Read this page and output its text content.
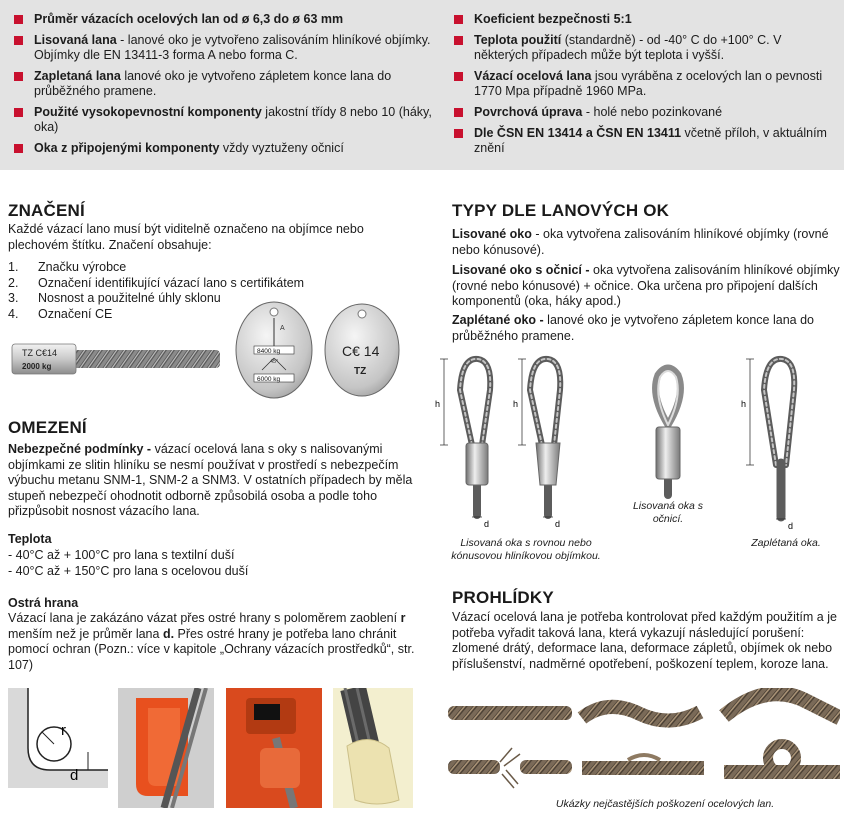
Průměr vázacích ocelových lan od ø 6,3 do ø 63 mm
Lisovaná lana - lanové oko je vytvořeno zalisováním hliníkové objímky. Objímky dle EN 13411-3 forma A nebo forma C.
Zapletaná lana lanové oko je vytvořeno zápletem konce lana do průběžného pramene.
Použité vysokopevnostní komponenty jakostní třídy 8 nebo 10 (háky, oka)
Oka z připojenými komponenty vždy vyztuženy očnicí
Koeficient bezpečnosti 5:1
Teplota použití (standardně) - od -40° C do +100° C. V některých případech může být teplota i vyšší.
Vázací ocelová lana jsou vyráběna z ocelových lan o pevnosti 1770 Mpa případně 1960 MPa.
Povrchová úprava - holé nebo pozinkované
Dle ČSN EN 13414 a ČSN EN 13411 včetně příloh, v aktuálním znění
ZNAČENÍ
Každé vázací lano musí být viditelně označeno na objímce nebo plechovém štítku. Značení obsahuje:
1.	Značku výrobce
2.	Označení identifikující vázací lano s certifikátem
3.	Nosnost a použitelné úhly sklonu
4.	Označení CE
TZ C€14
2000 kg
A
8400 kg
45°
6000 kg
C€ 14
TZ
OMEZENÍ
Nebezpečné podmínky - vázací ocelová lana s oky s nalisovanými objímkami ze slitin hliníku se nesmí používat v prostředí s nebezpečím výbuchu metanu SNM-1, SNM-2 a SNM3. V ostatních případech by měla stupeň nebezpečí ohodnotit odborně způsobilá osoba a podle toho přizpůsobit nosnost vázacího lana.
Teplota
- 40°C až + 100°C pro lana s textilní duší
- 40°C až + 150°C pro lana s ocelovou duší
Ostrá hrana
Vázací lana je zakázáno vázat přes ostré hrany s poloměrem zaoblení r menším než je průměr lana d. Přes ostré hrany je potřeba lano chránit pomocí ochran (Pozn.: více v kapitole „Ochrany vázacích prostředků“, str. 107)
r
d
TYPY DLE LANOVÝCH OK
Lisované oko - oka vytvořena zalisováním hliníkové objímky (rovné nebo kónusové).
Lisované oko s očnicí - oka vytvořena zalisováním hliníkové objímky (rovné nebo kónusové) + očnice. Oka určena pro připojení dalších komponentů (oka, háky apod.)
Zaplétané oko - lanové oko je vytvořeno zápletem konce lana do průběžného pramene.
h	h	h
d	d	d
Lisovaná oka s rovnou nebo kónusovou hliníkovou objímkou.
Lisovaná oka s očnicí.
Zaplétaná oka.
PROHLÍDKY
Vázací ocelová lana je potřeba kontrolovat před každým použitím a je potřeba vyřadit taková lana, která vykazují následující porušení: zlomené drátý, deformace lana, deformace zápletů, objímek ok nebo příslušenství, nadměrné opotřebení, poškození teplem, koroze lana.
Ukázky nejčastějších poškození ocelových lan.
